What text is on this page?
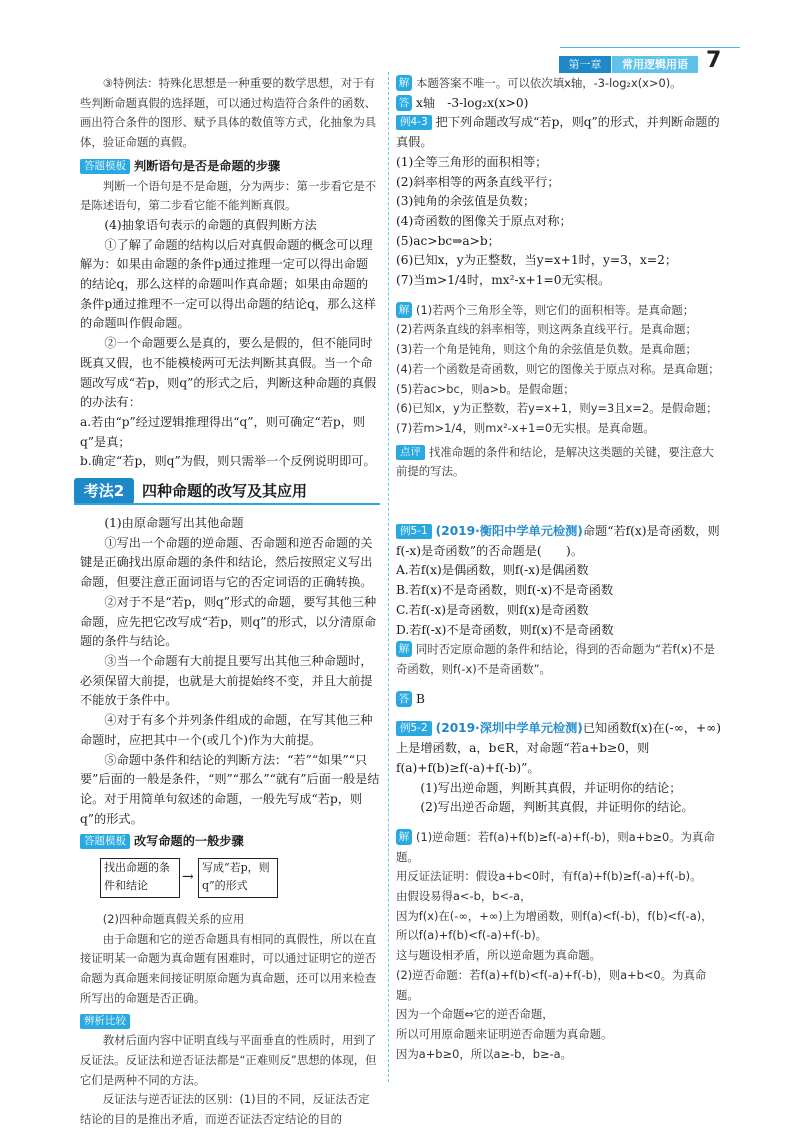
第一章	常用逻辑用语 7

③特例法：特殊化思想是一种重要的数学思想，对于有些判断命题真假的选择题，可以通过构造符合条件的函数、画出符合条件的图形、赋予具体的数值等方式，化抽象为具体，验证命题的真假。

答题模板 判断语句是否是命题的步骤

判断一个语句是不是命题，分为两步：第一步看它是不是陈述语句，第二步看它能不能判断真假。

(4)抽象语句表示的命题的真假判断方法

①了解了命题的结构以后对真假命题的概念可以理解为：如果由命题的条件p通过推理一定可以得出命题的结论q，那么这样的命题叫作真命题；如果由命题的条件p通过推理不一定可以得出命题的结论q，那么这样的命题叫作假命题。

②一个命题要么是真的，要么是假的，但不能同时既真又假，也不能模棱两可无法判断其真假。当一个命题改写成“若p，则q”的形式之后，判断这种命题的真假的办法有：

a.若由“p”经过逻辑推理得出“q”，则可确定“若p，则q”是真；

b.确定“若p，则q”为假，则只需举一个反例说明即可。

考法2	四种命题的改写及其应用

(1)由原命题写出其他命题

①写出一个命题的逆命题、否命题和逆否命题的关键是正确找出原命题的条件和结论，然后按照定义写出命题，但要注意正面词语与它的否定词语的正确转换。

②对于不是“若p，则q”形式的命题，要写其他三种命题，应先把它改写成“若p，则q”的形式，以分清原命题的条件与结论。

③当一个命题有大前提且要写出其他三种命题时，必须保留大前提，也就是大前提始终不变，并且大前提不能放于条件中。

④对于有多个并列条件组成的命题，在写其他三种命题时，应把其中一个(或几个)作为大前提。

⑤命题中条件和结论的判断方法：“若”“如果”“只要”后面的一般是条件，“则”“那么”“就有”后面一般是结论。对于用简单句叙述的命题，一般先写成“若p，则q”的形式。

答题模板 改写命题的一般步骤

找出命题的条件和结论
→
写成“若p，则q”的形式

(2)四种命题真假关系的应用

由于命题和它的逆否命题具有相同的真假性，所以在直接证明某一命题为真命题有困难时，可以通过证明它的逆否命题为真命题来间接证明原命题为真命题，还可以用来检查所写出的命题是否正确。

辨析比较

教材后面内容中证明直线与平面垂直的性质时，用到了反证法。反证法和逆否证法都是“正难则反”思想的体现，但它们是两种不同的方法。

反证法与逆否证法的区别：(1)目的不同，反证法否定结论的目的是推出矛盾，而逆否证法否定结论的目的

解 本题答案不唯一。可以依次填x轴，-3-log₂x(x>0)。

答 x轴　-3-log₂x(x>0)

例4-3 把下列命题改写成“若p，则q”的形式，并判断命题的真假。

(1)全等三角形的面积相等；

(2)斜率相等的两条直线平行；

(3)钝角的余弦值是负数；

(4)奇函数的图像关于原点对称；

(5)ac>bc⇒a>b；

(6)已知x，y为正整数，当y=x+1时，y=3，x=2；

(7)当m>1/4时，mx²-x+1=0无实根。

解 (1)若两个三角形全等，则它们的面积相等。是真命题；

(2)若两条直线的斜率相等，则这两条直线平行。是真命题；

(3)若一个角是钝角，则这个角的余弦值是负数。是真命题；

(4)若一个函数是奇函数，则它的图像关于原点对称。是真命题；

(5)若ac>bc，则a>b。是假命题；

(6)已知x，y为正整数，若y=x+1，则y=3且x=2。是假命题；

(7)若m>1/4，则mx²-x+1=0无实根。是真命题。

点评 找准命题的条件和结论，是解决这类题的关键，要注意大前提的写法。

例5-1 (2019·衡阳中学单元检测)命题“若f(x)是奇函数，则f(-x)是奇函数”的否命题是(　　)。

A.若f(x)是偶函数，则f(-x)是偶函数

B.若f(x)不是奇函数，则f(-x)不是奇函数

C.若f(-x)是奇函数，则f(x)是奇函数

D.若f(-x)不是奇函数，则f(x)不是奇函数

解 同时否定原命题的条件和结论，得到的否命题为“若f(x)不是奇函数，则f(-x)不是奇函数”。

答 B

例5-2 (2019·深圳中学单元检测)已知函数f(x)在(-∞，+∞)上是增函数，a，b∈R，对命题“若a+b≥0，则f(a)+f(b)≥f(-a)+f(-b)”。

(1)写出逆命题，判断其真假，并证明你的结论；

(2)写出逆否命题，判断其真假，并证明你的结论。

解 (1)逆命题：若f(a)+f(b)≥f(-a)+f(-b)，则a+b≥0。为真命题。

用反证法证明：假设a+b<0时，有f(a)+f(b)≥f(-a)+f(-b)。

由假设易得a<-b，b<-a，

因为f(x)在(-∞，+∞)上为增函数，则f(a)<f(-b)，f(b)<f(-a)，所以f(a)+f(b)<f(-a)+f(-b)。

这与题设相矛盾，所以逆命题为真命题。

(2)逆否命题：若f(a)+f(b)<f(-a)+f(-b)，则a+b<0。为真命题。

因为一个命题⇔它的逆否命题，

所以可用原命题来证明逆否命题为真命题。

因为a+b≥0，所以a≥-b，b≥-a。
